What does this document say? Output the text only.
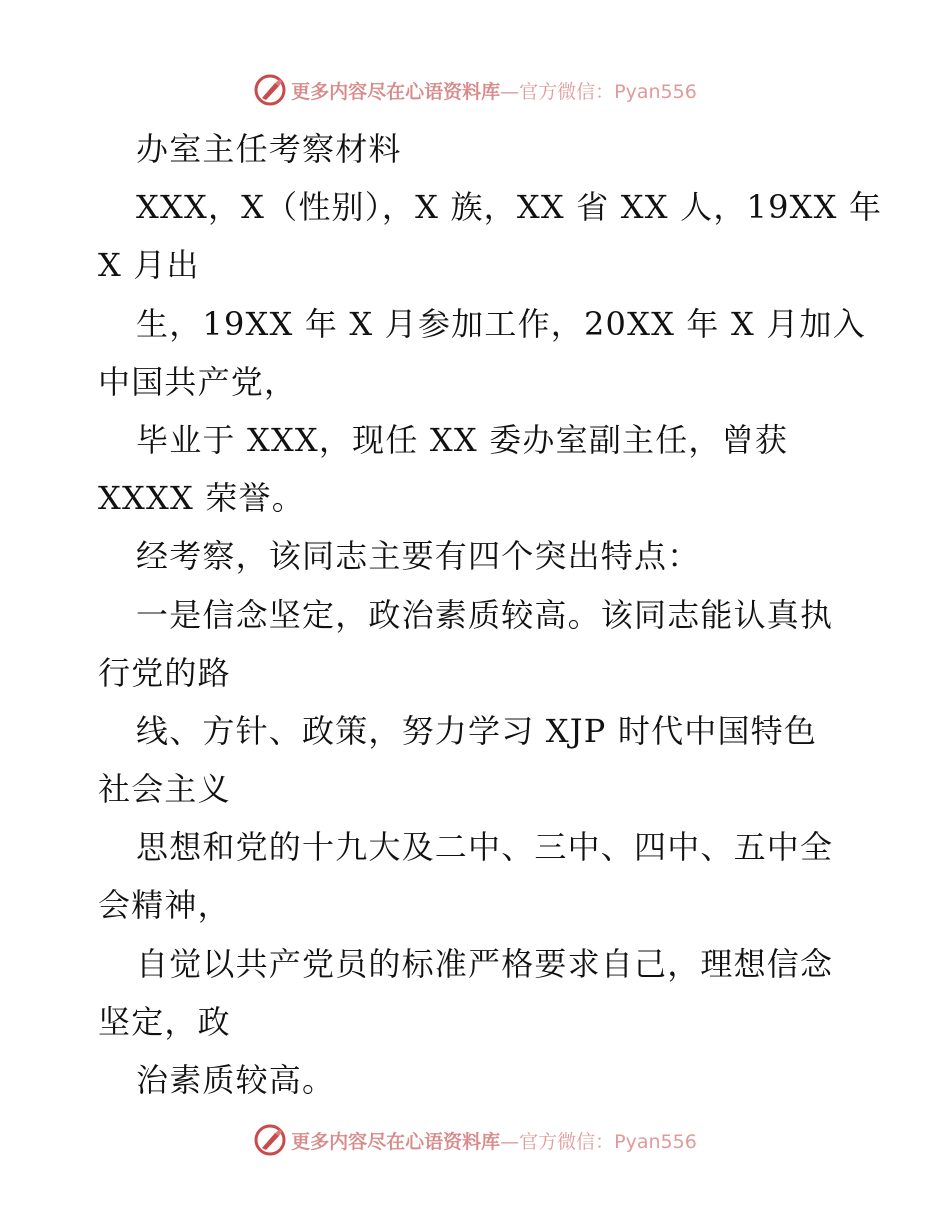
更多内容尽在心语资料库 —官方微信：Pyan556
办室主任考察材料
XXX，X（性别），X 族，XX 省 XX 人，19XX 年
X 月出
生，19XX 年 X 月参加工作，20XX 年 X 月加入
中国共产党，
毕业于 XXX，现任 XX 委办室副主任，曾获
XXXX 荣誉。
经考察，该同志主要有四个突出特点：
一是信念坚定，政治素质较高。该同志能认真执
行党的路
线、方针、政策，努力学习 XJP 时代中国特色
社会主义
思想和党的十九大及二中、三中、四中、五中全
会精神，
自觉以共产党员的标准严格要求自己，理想信念
坚定，政
治素质较高。
更多内容尽在心语资料库 —官方微信：Pyan556
